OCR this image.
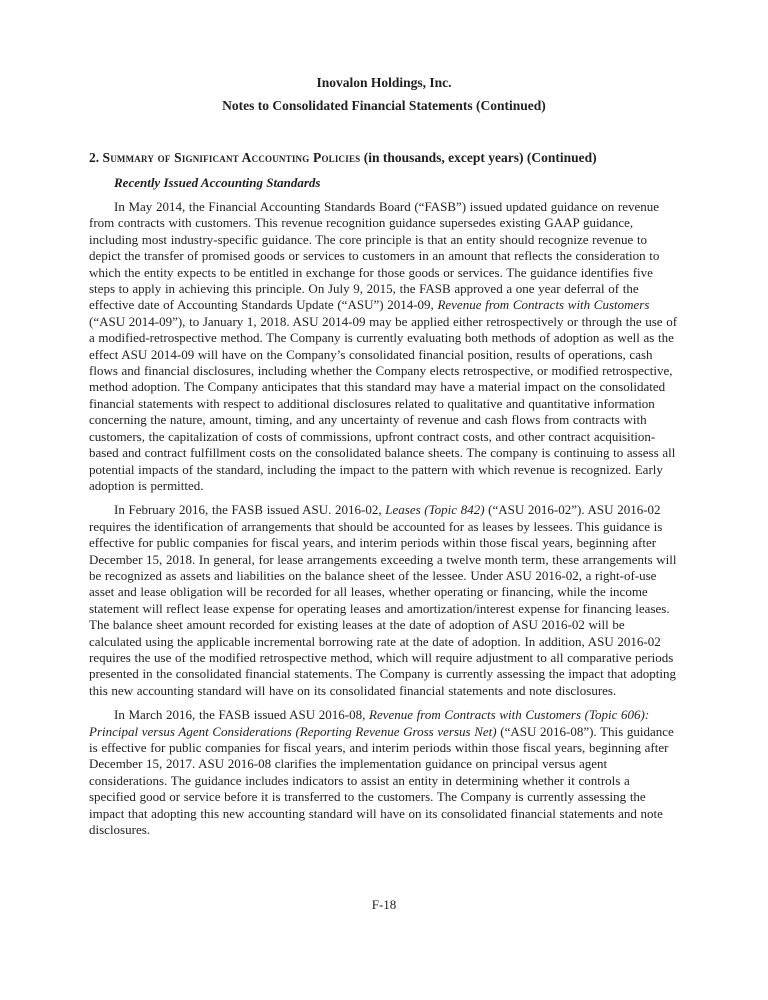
Inovalon Holdings, Inc.
Notes to Consolidated Financial Statements (Continued)
2. Summary of Significant Accounting Policies (in thousands, except years) (Continued)
Recently Issued Accounting Standards

In May 2014, the Financial Accounting Standards Board (“FASB”) issued updated guidance on revenue from contracts with customers. This revenue recognition guidance supersedes existing GAAP guidance, including most industry-specific guidance. The core principle is that an entity should recognize revenue to depict the transfer of promised goods or services to customers in an amount that reflects the consideration to which the entity expects to be entitled in exchange for those goods or services. The guidance identifies five steps to apply in achieving this principle. On July 9, 2015, the FASB approved a one year deferral of the effective date of Accounting Standards Update (“ASU”) 2014-09, Revenue from Contracts with Customers (“ASU 2014-09”), to January 1, 2018. ASU 2014-09 may be applied either retrospectively or through the use of a modified-retrospective method. The Company is currently evaluating both methods of adoption as well as the effect ASU 2014-09 will have on the Company’s consolidated financial position, results of operations, cash flows and financial disclosures, including whether the Company elects retrospective, or modified retrospective, method adoption. The Company anticipates that this standard may have a material impact on the consolidated financial statements with respect to additional disclosures related to qualitative and quantitative information concerning the nature, amount, timing, and any uncertainty of revenue and cash flows from contracts with customers, the capitalization of costs of commissions, upfront contract costs, and other contract acquisition-based and contract fulfillment costs on the consolidated balance sheets. The company is continuing to assess all potential impacts of the standard, including the impact to the pattern with which revenue is recognized. Early adoption is permitted.

In February 2016, the FASB issued ASU. 2016-02, Leases (Topic 842) (“ASU 2016-02”). ASU 2016-02 requires the identification of arrangements that should be accounted for as leases by lessees. This guidance is effective for public companies for fiscal years, and interim periods within those fiscal years, beginning after December 15, 2018. In general, for lease arrangements exceeding a twelve month term, these arrangements will be recognized as assets and liabilities on the balance sheet of the lessee. Under ASU 2016-02, a right-of-use asset and lease obligation will be recorded for all leases, whether operating or financing, while the income statement will reflect lease expense for operating leases and amortization/interest expense for financing leases. The balance sheet amount recorded for existing leases at the date of adoption of ASU 2016-02 will be calculated using the applicable incremental borrowing rate at the date of adoption. In addition, ASU 2016-02 requires the use of the modified retrospective method, which will require adjustment to all comparative periods presented in the consolidated financial statements. The Company is currently assessing the impact that adopting this new accounting standard will have on its consolidated financial statements and note disclosures.

In March 2016, the FASB issued ASU 2016-08, Revenue from Contracts with Customers (Topic 606): Principal versus Agent Considerations (Reporting Revenue Gross versus Net) (“ASU 2016-08”). This guidance is effective for public companies for fiscal years, and interim periods within those fiscal years, beginning after December 15, 2017. ASU 2016-08 clarifies the implementation guidance on principal versus agent considerations. The guidance includes indicators to assist an entity in determining whether it controls a specified good or service before it is transferred to the customers. The Company is currently assessing the impact that adopting this new accounting standard will have on its consolidated financial statements and note disclosures.

F-18
